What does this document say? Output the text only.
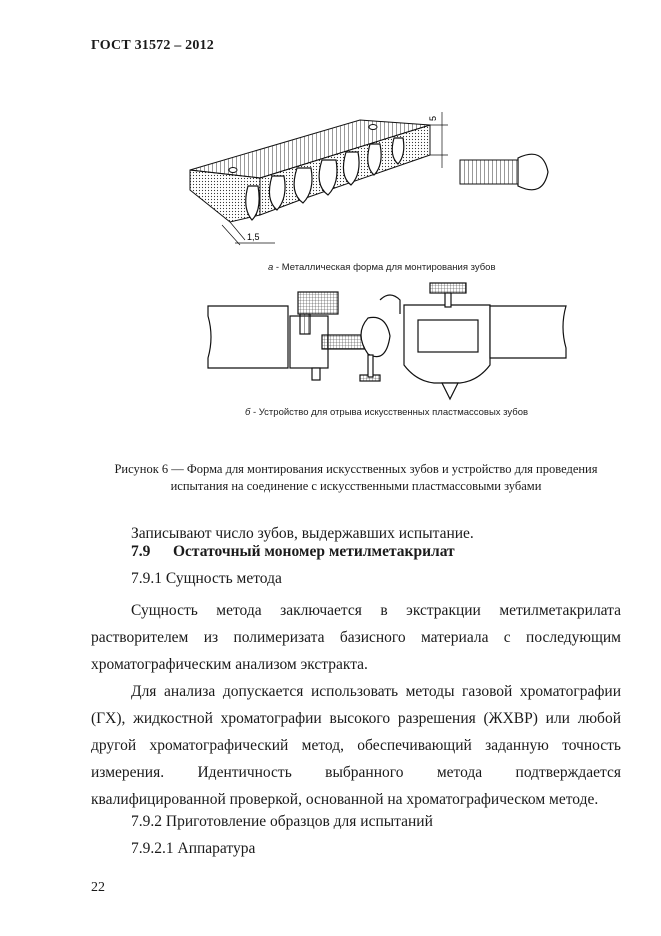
ГОСТ 31572 – 2012
5
1,5
а - Металлическая форма для монтирования зубов
б - Устройство для отрыва искусственных пластмассовых зубов
Рисунок 6 — Форма для монтирования искусственных зубов и устройство для проведения
испытания на соединение с искусственными пластмассовыми зубами
Записывают число зубов, выдержавших испытание.
7.9 Остаточный мономер метилметакрилат
7.9.1 Сущность метода
Сущность метода заключается в экстракции метилметакрилата растворителем из полимеризата базисного материала с последующим хроматографическим анализом экстракта.
Для анализа допускается использовать методы газовой хроматографии (ГХ), жидкостной хроматографии высокого разрешения (ЖХВР) или любой другой хроматографический метод, обеспечивающий заданную точность измерения. Идентичность выбранного метода подтверждается квалифицированной проверкой, основанной на хроматографическом методе.
7.9.2 Приготовление образцов для испытаний
7.9.2.1 Аппаратура
22
